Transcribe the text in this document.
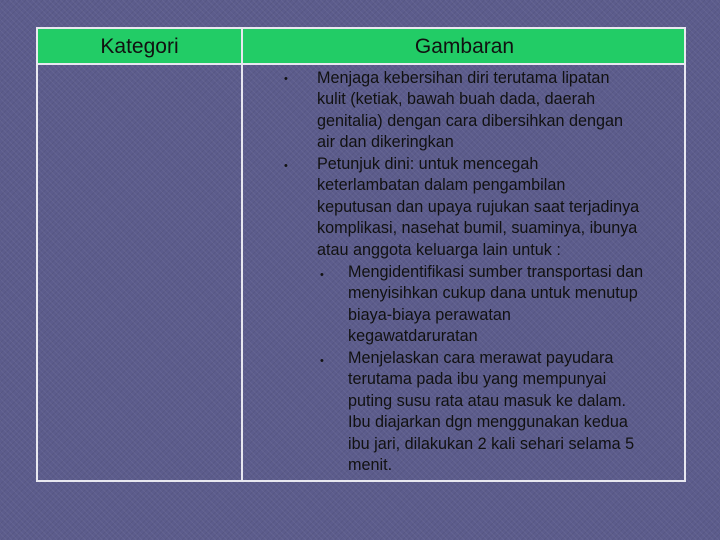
Kategori	Gambaran
• Menjaga kebersihan diri terutama lipatan
kulit (ketiak, bawah buah dada, daerah
genitalia) dengan cara dibersihkan dengan
air dan dikeringkan
• Petunjuk dini: untuk mencegah
keterlambatan dalam pengambilan
keputusan dan upaya rujukan saat terjadinya
komplikasi, nasehat bumil, suaminya, ibunya
atau anggota keluarga lain untuk :
• Mengidentifikasi sumber transportasi dan
menyisihkan cukup dana untuk menutup
biaya-biaya perawatan
kegawatdaruratan
• Menjelaskan cara merawat payudara
terutama pada ibu yang mempunyai
puting susu rata atau masuk ke dalam.
Ibu diajarkan dgn menggunakan kedua
ibu jari, dilakukan 2 kali sehari selama 5
menit.
